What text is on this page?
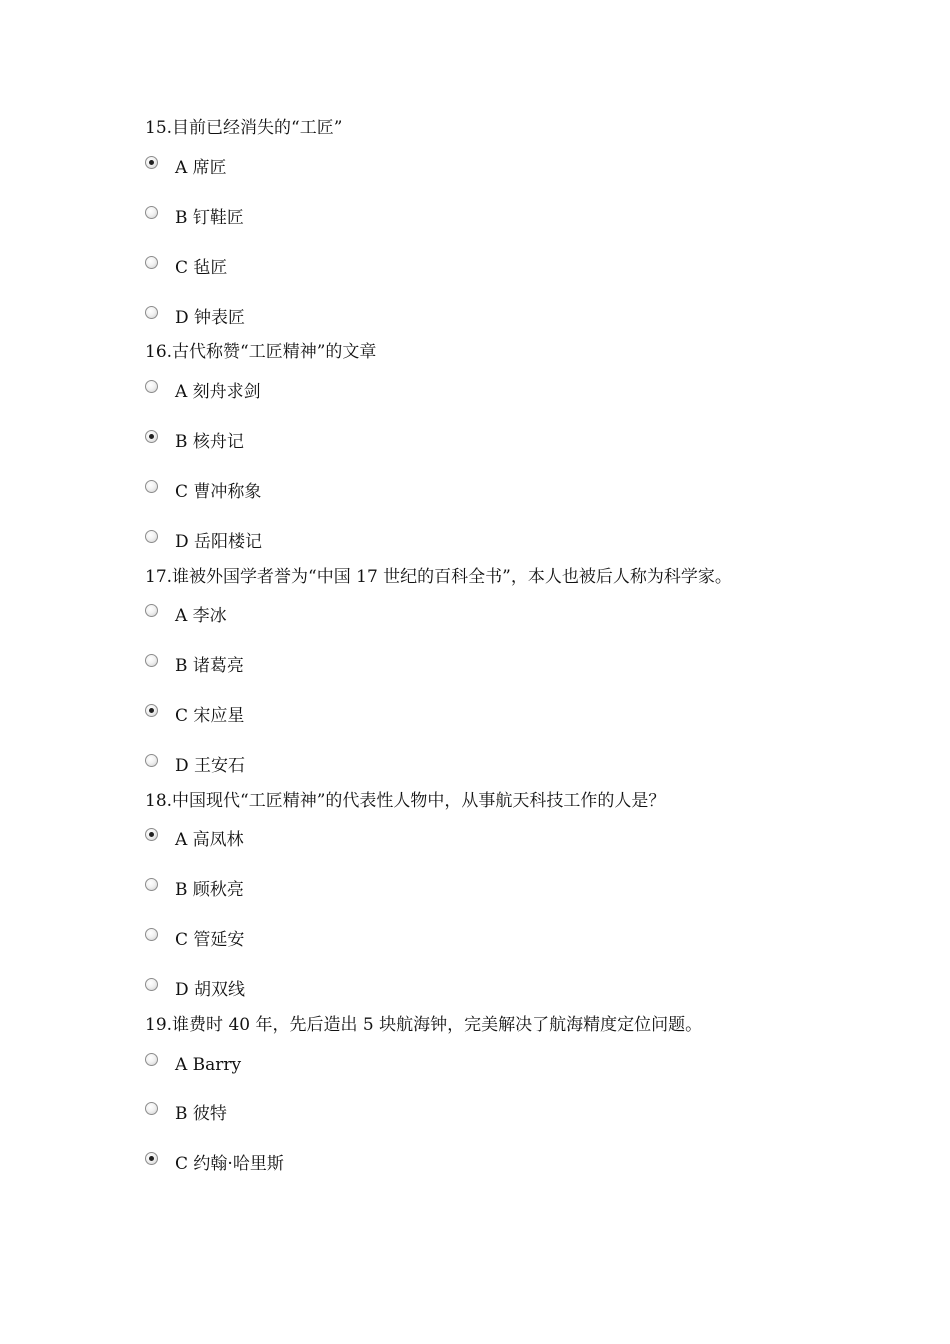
15.目前已经消失的“工匠”
A 席匠
B 钉鞋匠
C 毡匠
D 钟表匠
16.古代称赞“工匠精神”的文章
A 刻舟求剑
B 核舟记
C 曹冲称象
D 岳阳楼记
17.谁被外国学者誉为“中国 17 世纪的百科全书”，本人也被后人称为科学家。
A 李冰
B 诸葛亮
C 宋应星
D 王安石
18.中国现代“工匠精神”的代表性人物中，从事航天科技工作的人是？
A 高凤林
B 顾秋亮
C 管延安
D 胡双线
19.谁费时 40 年，先后造出 5 块航海钟，完美解决了航海精度定位问题。
A Barry
B 彼特
C 约翰·哈里斯
